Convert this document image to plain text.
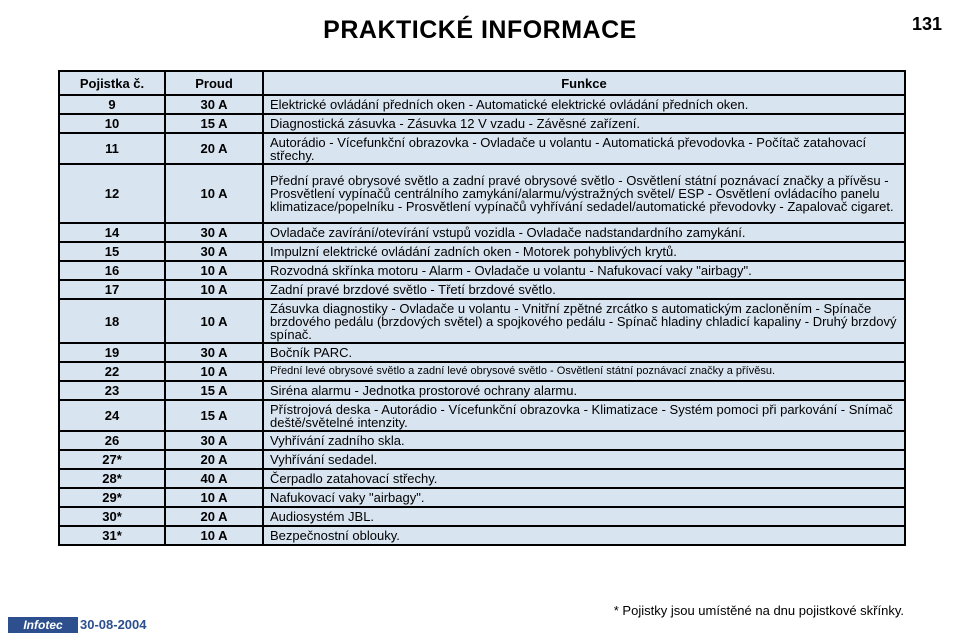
PRAKTICKÉ INFORMACE	131
Pojistka č.	Proud	Funkce
9	30 A	Elektrické ovládání předních oken - Automatické elektrické ovládání předních oken.
10	15 A	Diagnostická zásuvka - Zásuvka 12 V vzadu - Závěsné zařízení.
11	20 A	Autorádio - Vícefunkční obrazovka - Ovladače u volantu - Automatická převodovka - Počítač zatahovací střechy.
12	10 A	Přední pravé obrysové světlo a zadní pravé obrysové světlo - Osvětlení státní poznávací značky a přívěsu - Prosvětlení vypínačů centrálního zamykání/alarmu/výstražných světel/ ESP - Osvětlení ovládacího panelu klimatizace/popelníku - Prosvětlení vypínačů vyhřívání sedadel/automatické převodovky - Zapalovač cigaret.
14	30 A	Ovladače zavírání/otevírání vstupů vozidla - Ovladače nadstandardního zamykání.
15	30 A	Impulzní elektrické ovládání zadních oken - Motorek pohyblivých krytů.
16	10 A	Rozvodná skřínka motoru - Alarm - Ovladače u volantu - Nafukovací vaky "airbagy".
17	10 A	Zadní pravé brzdové světlo - Třetí brzdové světlo.
18	10 A	Zásuvka diagnostiky - Ovladače u volantu - Vnitřní zpětné zrcátko s automatickým zacloněním - Spínače brzdového pedálu (brzdových světel) a spojkového pedálu - Spínač hladiny chladicí kapaliny - Druhý brzdový spínač.
19	30 A	Bočník PARC.
22	10 A	Přední levé obrysové světlo a zadní levé obrysové světlo - Osvětlení státní poznávací značky a přívěsu.
23	15 A	Siréna alarmu - Jednotka prostorové ochrany alarmu.
24	15 A	Přístrojová deska - Autorádio - Vícefunkční obrazovka - Klimatizace - Systém pomoci při parkování - Snímač deště/světelné intenzity.
26	30 A	Vyhřívání zadního skla.
27*	20 A	Vyhřívání sedadel.
28*	40 A	Čerpadlo zatahovací střechy.
29*	10 A	Nafukovací vaky "airbagy".
30*	20 A	Audiosystém JBL.
31*	10 A	Bezpečnostní oblouky.
* Pojistky jsou umístěné na dnu pojistkové skřínky.
Infotec	30-08-2004
